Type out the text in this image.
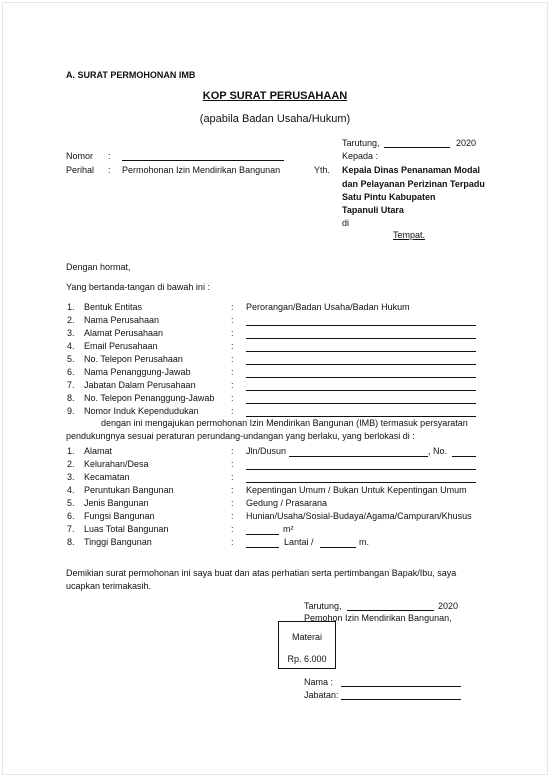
A. SURAT PERMOHONAN IMB
KOP SURAT PERUSAHAAN
(apabila Badan Usaha/Hukum)
Tarutung,	2020
Nomor :	Kepada :
Perihal : Permohonan Izin Mendirikan Bangunan	Yth. Kepala Dinas Penanaman Modal
dan Pelayanan Perizinan Terpadu
Satu Pintu Kabupaten
Tapanuli Utara
di
Tempat.
Dengan hormat,
Yang bertanda-tangan di bawah ini :
1.	Bentuk Entitas	: Perorangan/Badan Usaha/Badan Hukum
2.	Nama Perusahaan	:
3.	Alamat Perusahaan	:
4.	Email Perusahaan	:
5.	No. Telepon Perusahaan	:
6.	Nama Penanggung-Jawab	:
7.	Jabatan Dalam Perusahaan	:
8.	No. Telepon Penanggung-Jawab :
9.	Nomor Induk Kependudukan	:
dengan ini mengajukan permohonan Izin Mendirikan Bangunan (IMB) termasuk persyaratan
pendukungnya sesuai peraturan perundang-undangan yang berlaku, yang berlokasi di :
1.	Alamat	: Jln/Dusun	, No.
2.	Kelurahan/Desa	:
3.	Kecamatan	:
4.	Peruntukan Bangunan	: Kepentingan Umum / Bukan Untuk Kepentingan Umum
5.	Jenis Bangunan	: Gedung / Prasarana
6.	Fungsi Bangunan	: Hunian/Usaha/Sosial-Budaya/Agama/Campuran/Khusus
7.	Luas Total Bangunan	:	m²
8.	Tinggi Bangunan	:	Lantai /	m.
Demikian surat permohonan ini saya buat dan atas perhatian serta pertimbangan Bapak/Ibu, saya
ucapkan terimakasih.
Tarutung,	2020
Pemohon Izin Mendirikan Bangunan,
Materai
Rp. 6.000
Nama :
Jabatan:
